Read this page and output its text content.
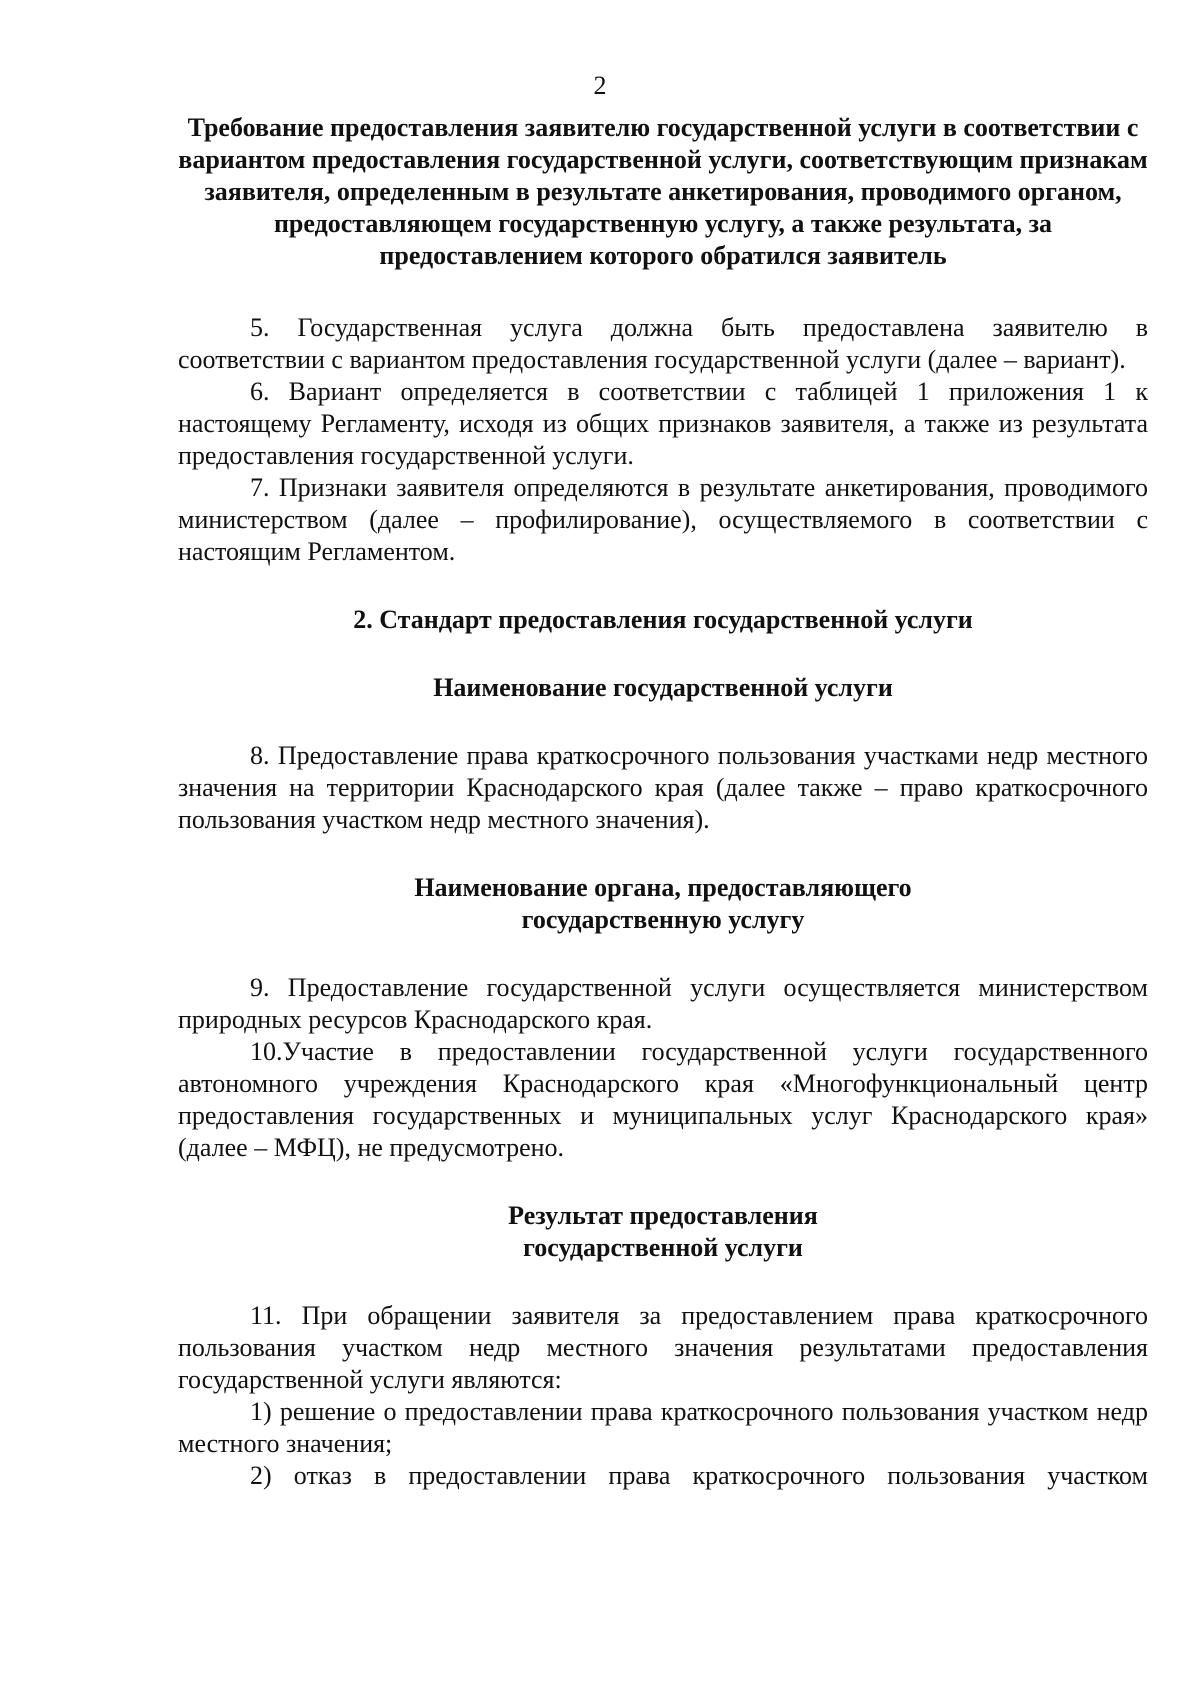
2
Требование предоставления заявителю государственной услуги в соответствии с вариантом предоставления государственной услуги, соответствующим признакам заявителя, определенным в результате анкетирования, проводимого органом, предоставляющем государственную услугу, а также результата, за предоставлением которого обратился заявитель

5. Государственная услуга должна быть предоставлена заявителю в соответствии с вариантом предоставления государственной услуги (далее – вариант).

6. Вариант определяется в соответствии с таблицей 1 приложения 1 к настоящему Регламенту, исходя из общих признаков заявителя, а также из результата предоставления государственной услуги.

7. Признаки заявителя определяются в результате анкетирования, проводимого министерством (далее – профилирование), осуществляемого в соответствии с настоящим Регламентом.

2. Стандарт предоставления государственной услуги
Наименование государственной услуги

8. Предоставление права краткосрочного пользования участками недр местного значения на территории Краснодарского края (далее также – право краткосрочного пользования участком недр местного значения).

Наименование органа, предоставляющего
государственную услугу

9. Предоставление государственной услуги осуществляется министерством природных ресурсов Краснодарского края.

10.Участие в предоставлении государственной услуги государственного автономного учреждения Краснодарского края «Многофункциональный центр предоставления государственных и муниципальных услуг Краснодарского края» (далее – МФЦ), не предусмотрено.

Результат предоставления
государственной услуги

11. При обращении заявителя за предоставлением права краткосрочного пользования участком недр местного значения результатами предоставления государственной услуги являются:

1) решение о предоставлении права краткосрочного пользования участком недр местного значения;

2) отказ в предоставлении права краткосрочного пользования участком
